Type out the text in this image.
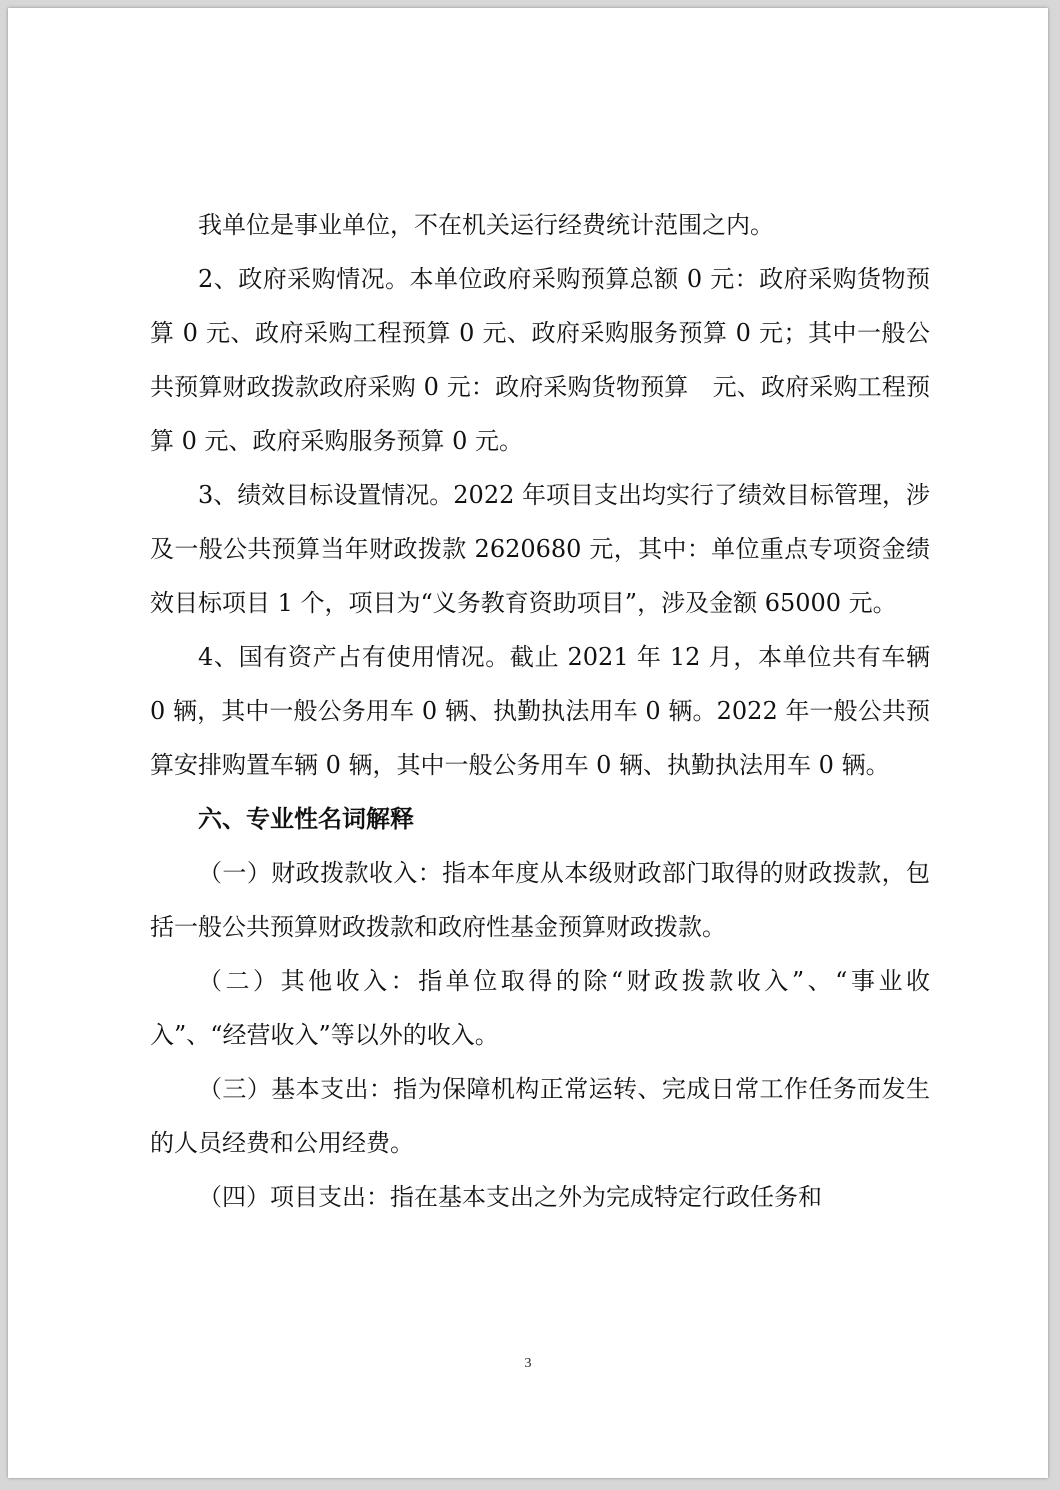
我单位是事业单位，不在机关运行经费统计范围之内。

2、政府采购情况。本单位政府采购预算总额 0 元：政府采购货物预算 0 元、政府采购工程预算 0 元、政府采购服务预算 0 元；其中一般公共预算财政拨款政府采购 0 元：政府采购货物预算　元、政府采购工程预算 0 元、政府采购服务预算 0 元。

3、绩效目标设置情况。2022 年项目支出均实行了绩效目标管理，涉及一般公共预算当年财政拨款 2620680 元，其中：单位重点专项资金绩效目标项目 1 个，项目为“义务教育资助项目”，涉及金额 65000 元。

4、国有资产占有使用情况。截止 2021 年 12 月，本单位共有车辆 0 辆，其中一般公务用车 0 辆、执勤执法用车 0 辆。2022 年一般公共预算安排购置车辆 0 辆，其中一般公务用车 0 辆、执勤执法用车 0 辆。

六、专业性名词解释

（一）财政拨款收入：指本年度从本级财政部门取得的财政拨款，包括一般公共预算财政拨款和政府性基金预算财政拨款。

（二）其他收入：指单位取得的除“财政拨款收入”、“事业收入”、“经营收入”等以外的收入。

（三）基本支出：指为保障机构正常运转、完成日常工作任务而发生的人员经费和公用经费。

（四）项目支出：指在基本支出之外为完成特定行政任务和

3
